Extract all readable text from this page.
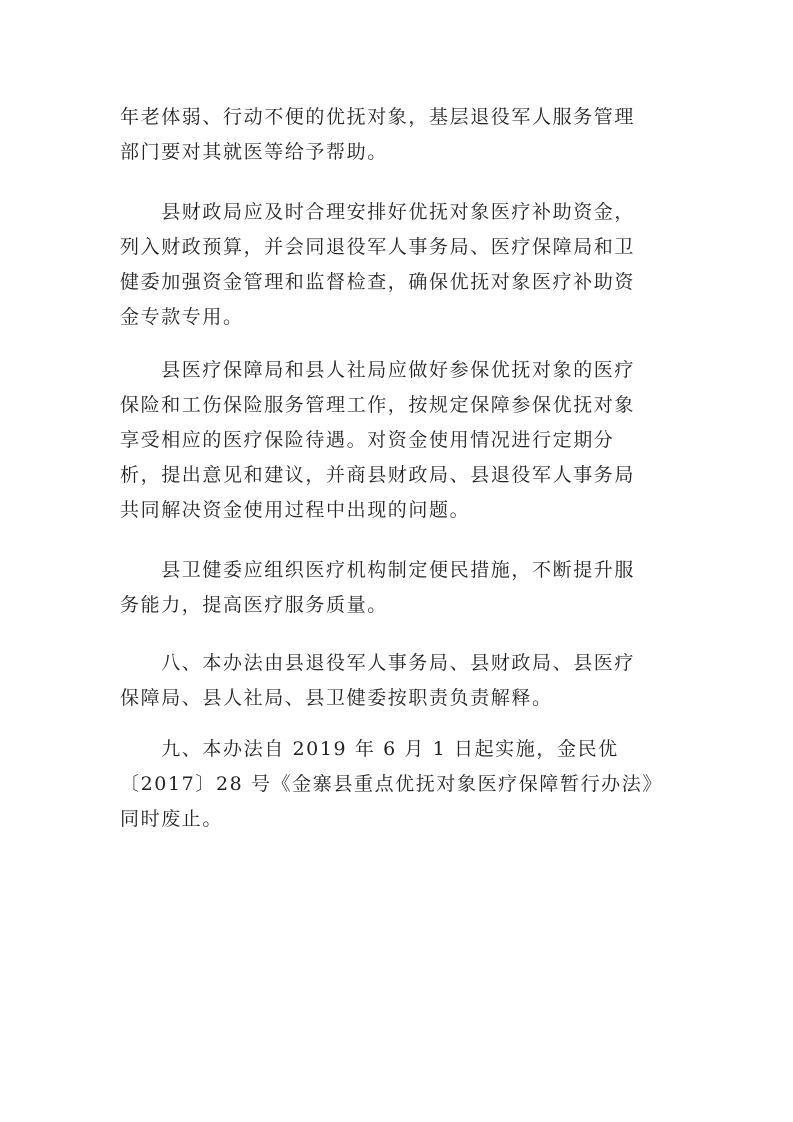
年老体弱、行动不便的优抚对象，基层退役军人服务管理
部门要对其就医等给予帮助。

　　县财政局应及时合理安排好优抚对象医疗补助资金，
列入财政预算，并会同退役军人事务局、医疗保障局和卫
健委加强资金管理和监督检查，确保优抚对象医疗补助资
金专款专用。

　　县医疗保障局和县人社局应做好参保优抚对象的医疗
保险和工伤保险服务管理工作，按规定保障参保优抚对象
享受相应的医疗保险待遇。对资金使用情况进行定期分
析，提出意见和建议，并商县财政局、县退役军人事务局
共同解决资金使用过程中出现的问题。

　　县卫健委应组织医疗机构制定便民措施，不断提升服
务能力，提高医疗服务质量。

　　八、本办法由县退役军人事务局、县财政局、县医疗
保障局、县人社局、县卫健委按职责负责解释。

　　九、本办法自 2019 年 6 月 1 日起实施，金民优
〔2017〕28 号《金寨县重点优抚对象医疗保障暂行办法》
同时废止。
